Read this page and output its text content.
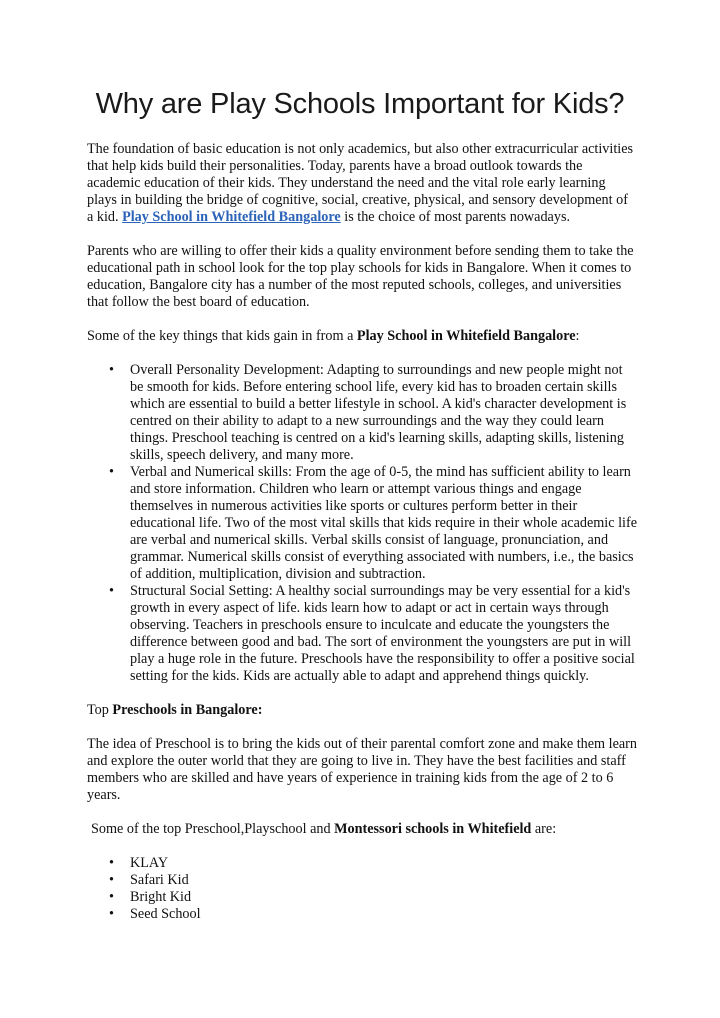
Why are Play Schools Important for Kids?

The foundation of basic education is not only academics, but also other extracurricular activities that help kids build their personalities. Today, parents have a broad outlook towards the academic education of their kids. They understand the need and the vital role early learning plays in building the bridge of cognitive, social, creative, physical, and sensory development of a kid. Play School in Whitefield Bangalore is the choice of most parents nowadays.

Parents who are willing to offer their kids a quality environment before sending them to take the educational path in school look for the top play schools for kids in Bangalore. When it comes to education, Bangalore city has a number of the most reputed schools, colleges, and universities that follow the best board of education.

Some of the key things that kids gain in from a Play School in Whitefield Bangalore:

• Overall Personality Development: Adapting to surroundings and new people might not be smooth for kids. Before entering school life, every kid has to broaden certain skills which are essential to build a better lifestyle in school. A kid's character development is centred on their ability to adapt to a new surroundings and the way they could learn things. Preschool teaching is centred on a kid's learning skills, adapting skills, listening skills, speech delivery, and many more.
• Verbal and Numerical skills: From the age of 0-5, the mind has sufficient ability to learn and store information. Children who learn or attempt various things and engage themselves in numerous activities like sports or cultures perform better in their educational life. Two of the most vital skills that kids require in their whole academic life are verbal and numerical skills. Verbal skills consist of language, pronunciation, and grammar. Numerical skills consist of everything associated with numbers, i.e., the basics of addition, multiplication, division and subtraction.
• Structural Social Setting: A healthy social surroundings may be very essential for a kid's growth in every aspect of life. kids learn how to adapt or act in certain ways through observing. Teachers in preschools ensure to inculcate and educate the youngsters the difference between good and bad. The sort of environment the youngsters are put in will play a huge role in the future. Preschools have the responsibility to offer a positive social setting for the kids. Kids are actually able to adapt and apprehend things quickly.

Top Preschools in Bangalore:

The idea of Preschool is to bring the kids out of their parental comfort zone and make them learn and explore the outer world that they are going to live in. They have the best facilities and staff members who are skilled and have years of experience in training kids from the age of 2 to 6 years.

Some of the top Preschool,Playschool and Montessori schools in Whitefield are:

• KLAY
• Safari Kid
• Bright Kid
• Seed School
